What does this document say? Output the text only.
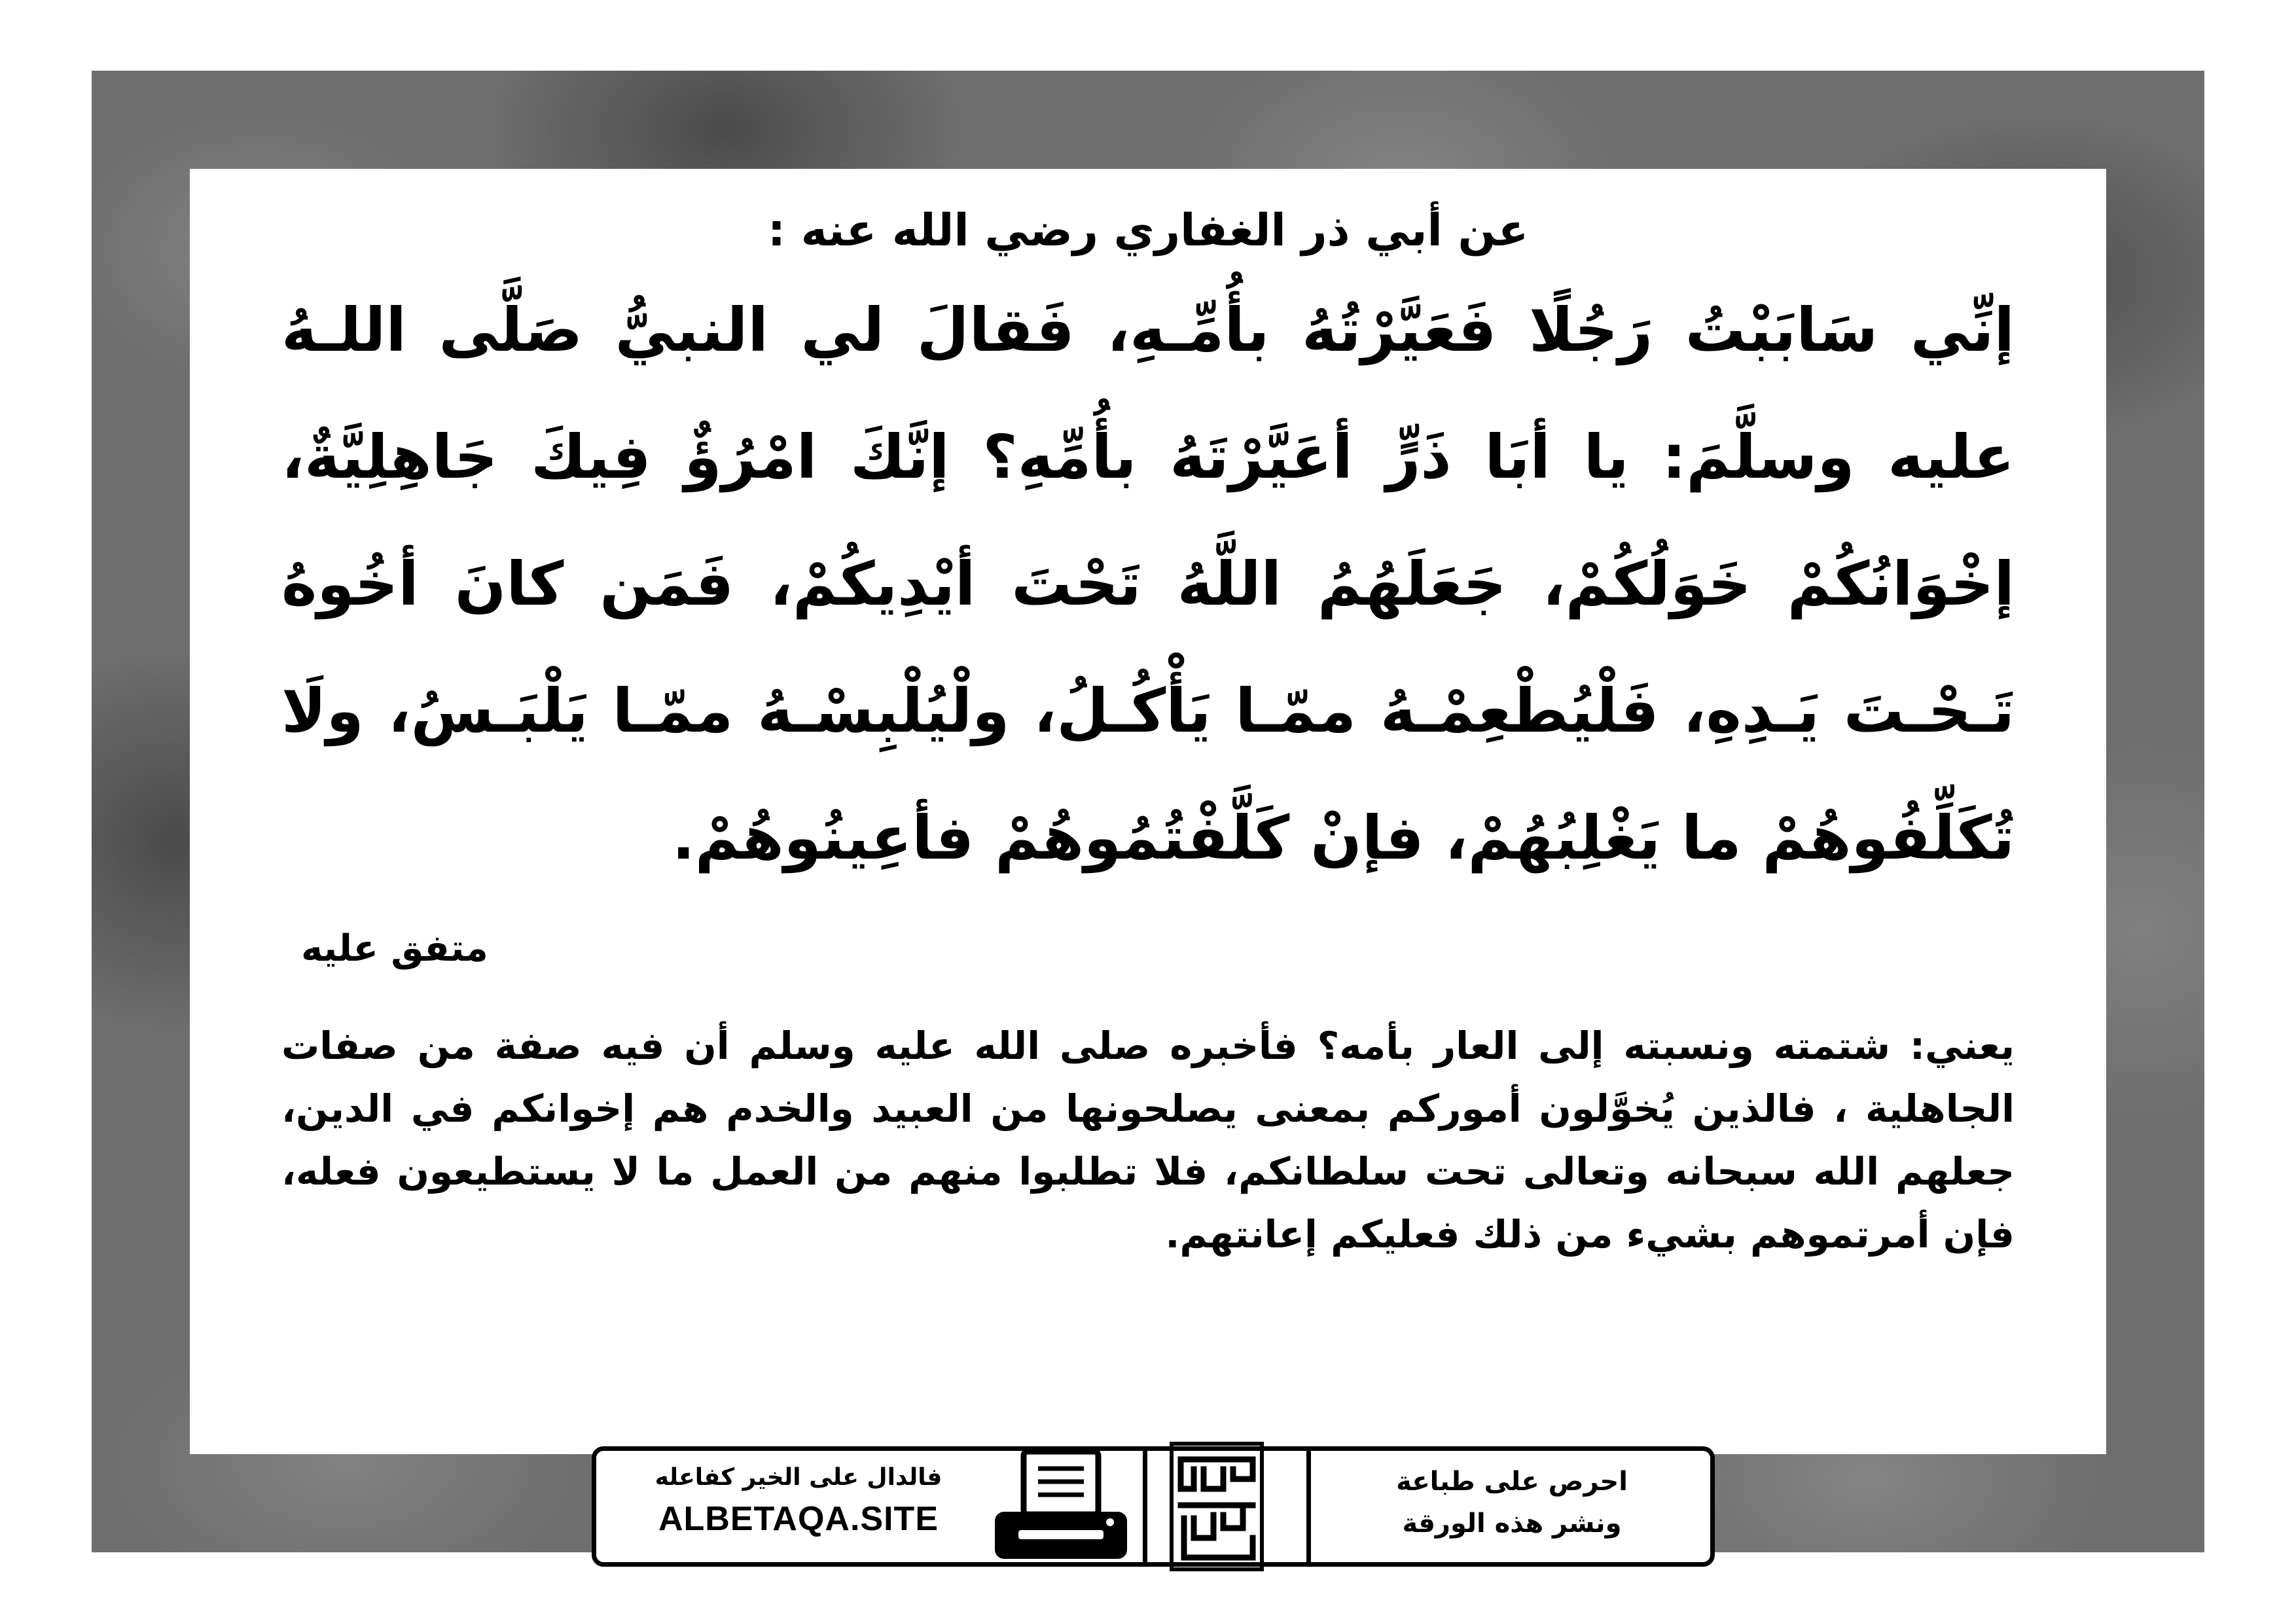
عن أبي ذر الغفاري رضي الله عنه :

إنِّي سَابَبْتُ رَجُلًا فَعَيَّرْتُهُ بأُمِّـهِ، فَقالَ لي النبيُّ صَلَّى اللـهُ عليه وسلَّمَ: يا أبَا ذَرٍّ أعَيَّرْتَهُ بأُمِّهِ؟ إنَّكَ امْرُؤٌ فِيكَ جَاهِلِيَّةٌ، إخْوَانُكُمْ خَوَلُكُمْ، جَعَلَهُمُ اللَّهُ تَحْتَ أيْدِيكُمْ، فَمَن كانَ أخُوهُ تَـحْـتَ يَـدِهِ، فَلْيُطْعِمْـهُ ممّـا يَأْكُـلُ، ولْيُلْبِسْـهُ ممّـا يَلْبَـسُ، ولَا تُكَلِّفُوهُمْ ما يَغْلِبُهُمْ، فإنْ كَلَّفْتُمُوهُمْ فأعِينُوهُمْ.

متفق عليه

يعني: شتمته ونسبته إلى العار بأمه؟ فأخبره صلى الله عليه وسلم أن فيه صفة من صفات الجاهلية ، فالذين يُخوَّلون أموركم بمعنى يصلحونها من العبيد والخدم هم إخوانكم في الدين، جعلهم الله سبحانه وتعالى تحت سلطانكم، فلا تطلبوا منهم من العمل ما لا يستطيعون فعله، فإن أمرتموهم بشيء من ذلك فعليكم إعانتهم.

فالدال على الخير كفاعله
ALBETAQA.SITE
احرص على طباعة
ونشر هذه الورقة
